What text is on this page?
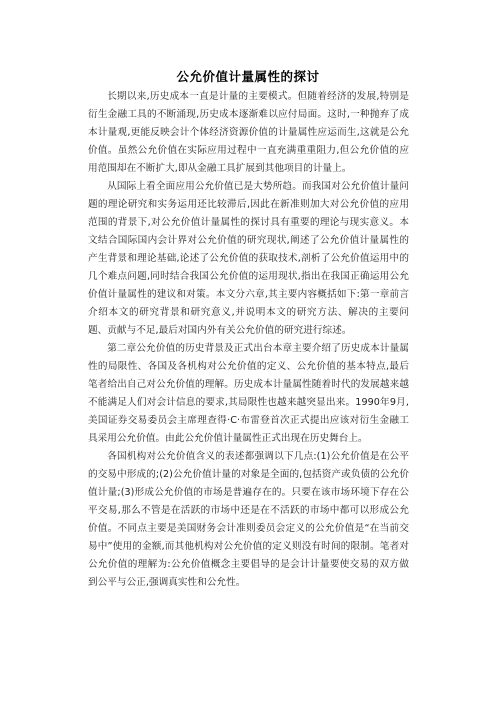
公允价值计量属性的探讨

长期以来,历史成本一直是计量的主要模式。但随着经济的发展,特别是衍生金融工具的不断涌现,历史成本逐渐难以应付局面。这时,一种抛弃了成本计量观,更能反映会计个体经济资源价值的计量属性应运而生,这就是公允价值。虽然公允价值在实际应用过程中一直充满重重阻力,但公允价值的应用范围却在不断扩大,即从金融工具扩展到其他项目的计量上。

从国际上看全面应用公允价值已是大势所趋。而我国对公允价值计量问题的理论研究和实务运用还比较滞后,因此在新准则加大对公允价值的应用范围的背景下,对公允价值计量属性的探讨具有重要的理论与现实意义。本文结合国际国内会计界对公允价值的研究现状,阐述了公允价值计量属性的产生背景和理论基础,论述了公允价值的获取技术,剖析了公允价值运用中的几个难点问题,同时结合我国公允价值的运用现状,指出在我国正确运用公允价值计量属性的建议和对策。本文分六章,其主要内容概括如下:第一章前言介绍本文的研究背景和研究意义,并说明本文的研究方法、解决的主要问题、贡献与不足,最后对国内外有关公允价值的研究进行综述。

第二章公允价值的历史背景及正式出台本章主要介绍了历史成本计量属性的局限性、各国及各机构对公允价值的定义、公允价值的基本特点,最后笔者给出自己对公允价值的理解。历史成本计量属性随着时代的发展越来越不能满足人们对会计信息的要求,其局限性也越来越突显出来。1990年9月,美国证券交易委员会主席理查得·C·布雷登首次正式提出应该对衍生金融工具采用公允价值。由此公允价值计量属性正式出现在历史舞台上。

各国机构对公允价值含义的表述都强调以下几点:(1)公允价值是在公平的交易中形成的;(2)公允价值计量的对象是全面的,包括资产或负债的公允价值计量;(3)形成公允价值的市场是普遍存在的。只要在该市场环境下存在公平交易,那么不管是在活跃的市场中还是在不活跃的市场中都可以形成公允价值。不同点主要是美国财务会计准则委员会定义的公允价值是“在当前交易中”使用的金额,而其他机构对公允价值的定义则没有时间的限制。笔者对公允价值的理解为:公允价值概念主要倡导的是会计计量要使交易的双方做到公平与公正,强调真实性和公允性。
